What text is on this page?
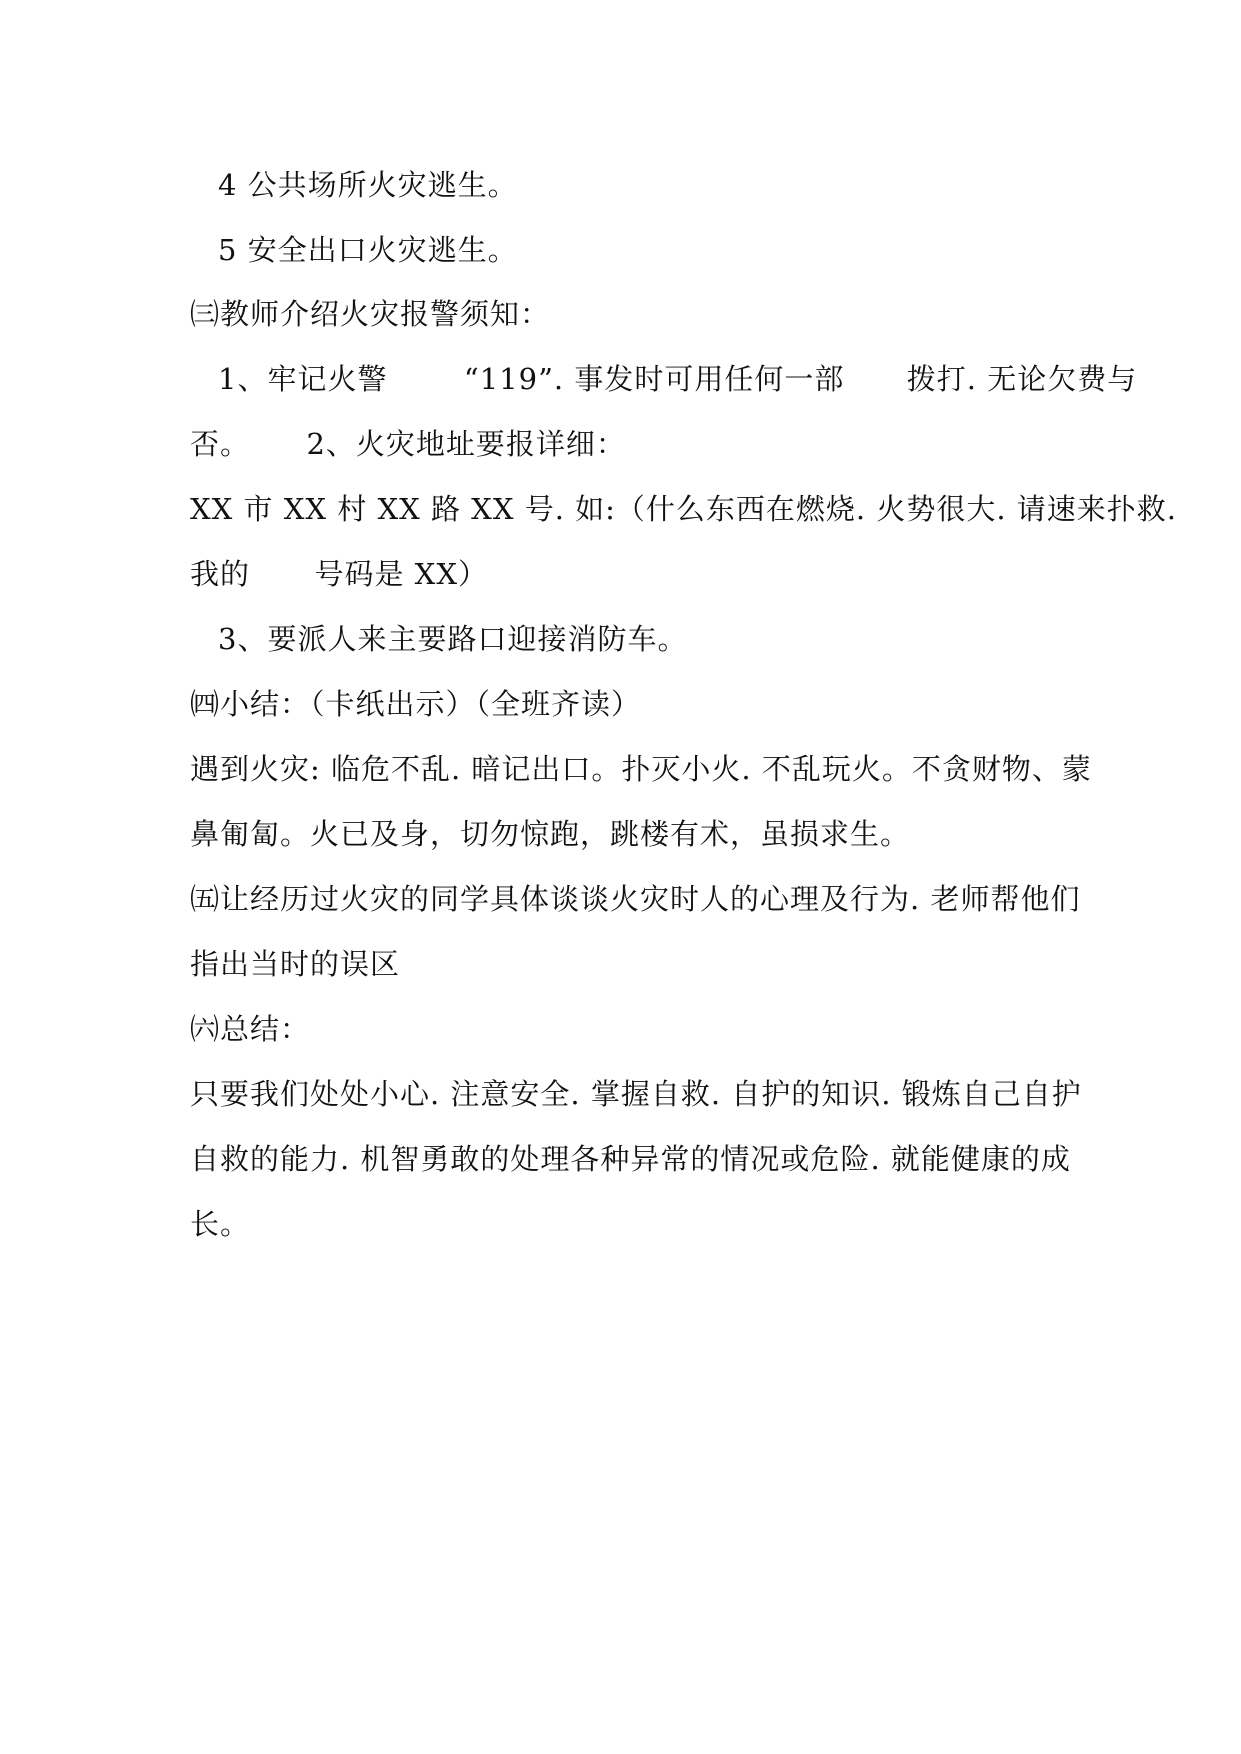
4 公共场所火灾逃生。
5 安全出口火灾逃生。
㈢教师介绍火灾报警须知：
1、牢记火警	“119”. 事发时可用任何一部 拨打. 无论欠费与
否。 2、火灾地址要报详细：
XX 市 XX 村 XX 路 XX 号. 如:（什么东西在燃烧. 火势很大. 请速来扑救.
我的 号码是 XX）
3、要派人来主要路口迎接消防车。
㈣小结：（卡纸出示）（全班齐读）
遇到火灾: 临危不乱. 暗记出口。扑灭小火. 不乱玩火。不贪财物、蒙
鼻匍匐。火已及身，切勿惊跑，跳楼有术，虽损求生。
㈤让经历过火灾的同学具体谈谈火灾时人的心理及行为. 老师帮他们
指出当时的误区
㈥总结：
只要我们处处小心. 注意安全. 掌握自救. 自护的知识. 锻炼自己自护
自救的能力. 机智勇敢的处理各种异常的情况或危险. 就能健康的成
长。
